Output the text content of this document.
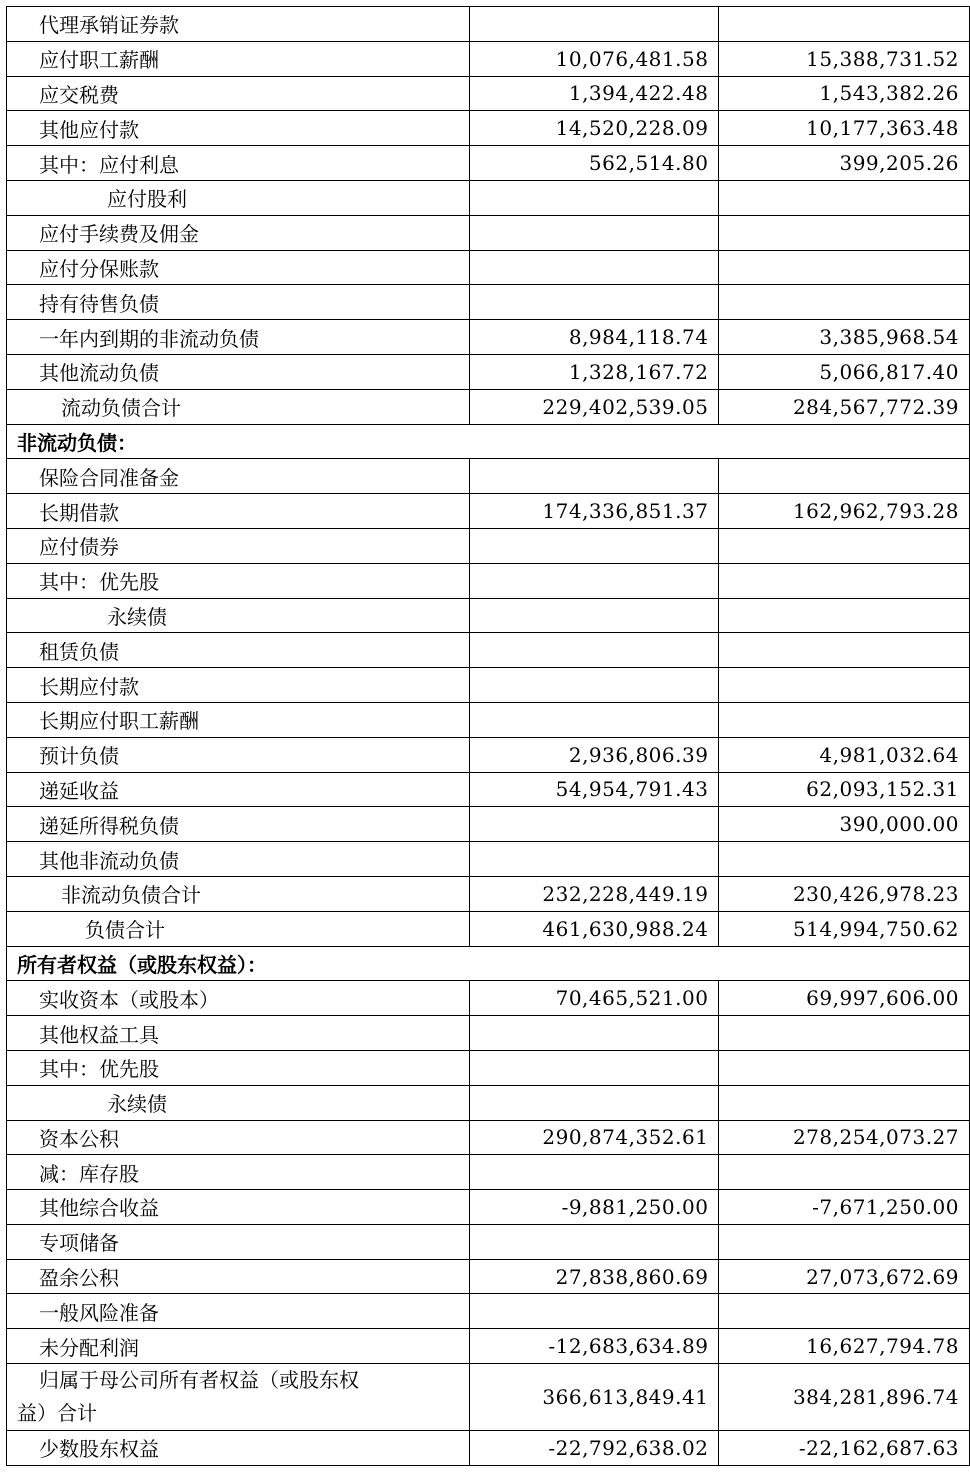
代理承销证券款		
应付职工薪酬	10,076,481.58	15,388,731.52
应交税费	1,394,422.48	1,543,382.26
其他应付款	14,520,228.09	10,177,363.48
其中：应付利息	562,514.80	399,205.26
应付股利		
应付手续费及佣金		
应付分保账款		
持有待售负债		
一年内到期的非流动负债	8,984,118.74	3,385,968.54
其他流动负债	1,328,167.72	5,066,817.40
流动负债合计	229,402,539.05	284,567,772.39
非流动负债：		
保险合同准备金		
长期借款	174,336,851.37	162,962,793.28
应付债券		
其中：优先股		
永续债		
租赁负债		
长期应付款		
长期应付职工薪酬		
预计负债	2,936,806.39	4,981,032.64
递延收益	54,954,791.43	62,093,152.31
递延所得税负债		390,000.00
其他非流动负债		
非流动负债合计	232,228,449.19	230,426,978.23
负债合计	461,630,988.24	514,994,750.62
所有者权益（或股东权益）：		
实收资本（或股本）	70,465,521.00	69,997,606.00
其他权益工具		
其中：优先股		
永续债		
资本公积	290,874,352.61	278,254,073.27
减：库存股		
其他综合收益	-9,881,250.00	-7,671,250.00
专项储备		
盈余公积	27,838,860.69	27,073,672.69
一般风险准备		
未分配利润	-12,683,634.89	16,627,794.78

归属于母公司所有者权益（或股东权
益）合计	366,613,849.41	384,281,896.74
少数股东权益	-22,792,638.02	-22,162,687.63
